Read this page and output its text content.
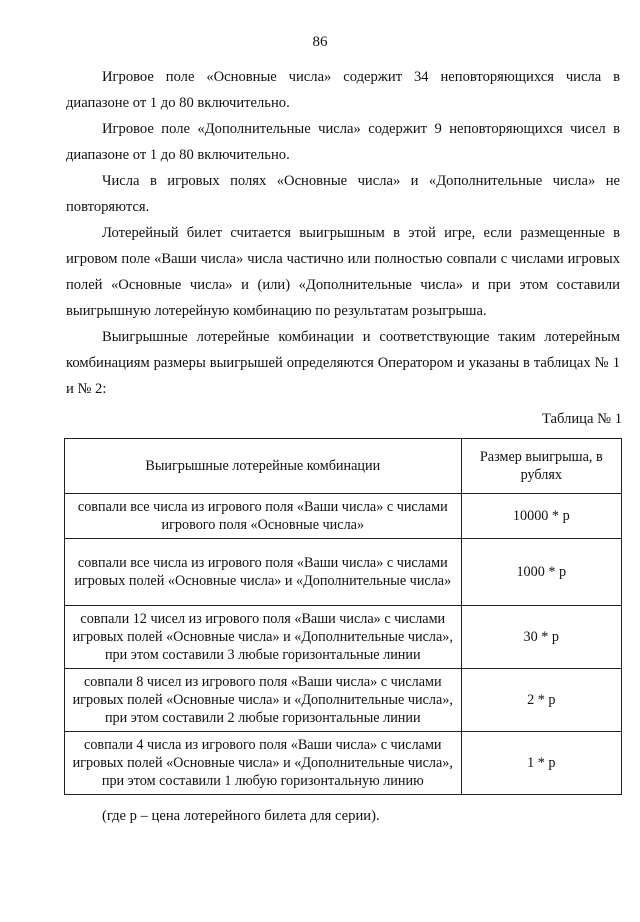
86

Игровое поле «Основные числа» содержит 34 неповторяющихся числа в диапазоне от 1 до 80 включительно.

Игровое поле «Дополнительные числа» содержит 9 неповторяющихся чисел в диапазоне от 1 до 80 включительно.

Числа в игровых полях «Основные числа» и «Дополнительные числа» не повторяются.

Лотерейный билет считается выигрышным в этой игре, если размещенные в игровом поле «Ваши числа» числа частично или полностью совпали с числами игровых полей «Основные числа» и (или) «Дополнительные числа» и при этом составили выигрышную лотерейную комбинацию по результатам розыгрыша.

Выигрышные лотерейные комбинации и соответствующие таким лотерейным комбинациям размеры выигрышей определяются Оператором и указаны в таблицах № 1 и № 2:

Таблица № 1
Выигрышные лотерейные комбинации	Размер выигрыша, в рублях
совпали все числа из игрового поля «Ваши числа» с числами игрового поля «Основные числа»	10000 * р
совпали все числа из игрового поля «Ваши числа» с числами игровых полей «Основные числа» и «Дополнительные числа»	1000 * р
совпали 12 чисел из игрового поля «Ваши числа» с числами игровых полей «Основные числа» и «Дополнительные числа», при этом составили 3 любые горизонтальные линии	30 * р
совпали 8 чисел из игрового поля «Ваши числа» с числами игровых полей «Основные числа» и «Дополнительные числа», при этом составили 2 любые горизонтальные линии	2 * р
совпали 4 числа из игрового поля «Ваши числа» с числами игровых полей «Основные числа» и «Дополнительные числа», при этом составили 1 любую горизонтальную линию	1 * р
(где р – цена лотерейного билета для серии).
